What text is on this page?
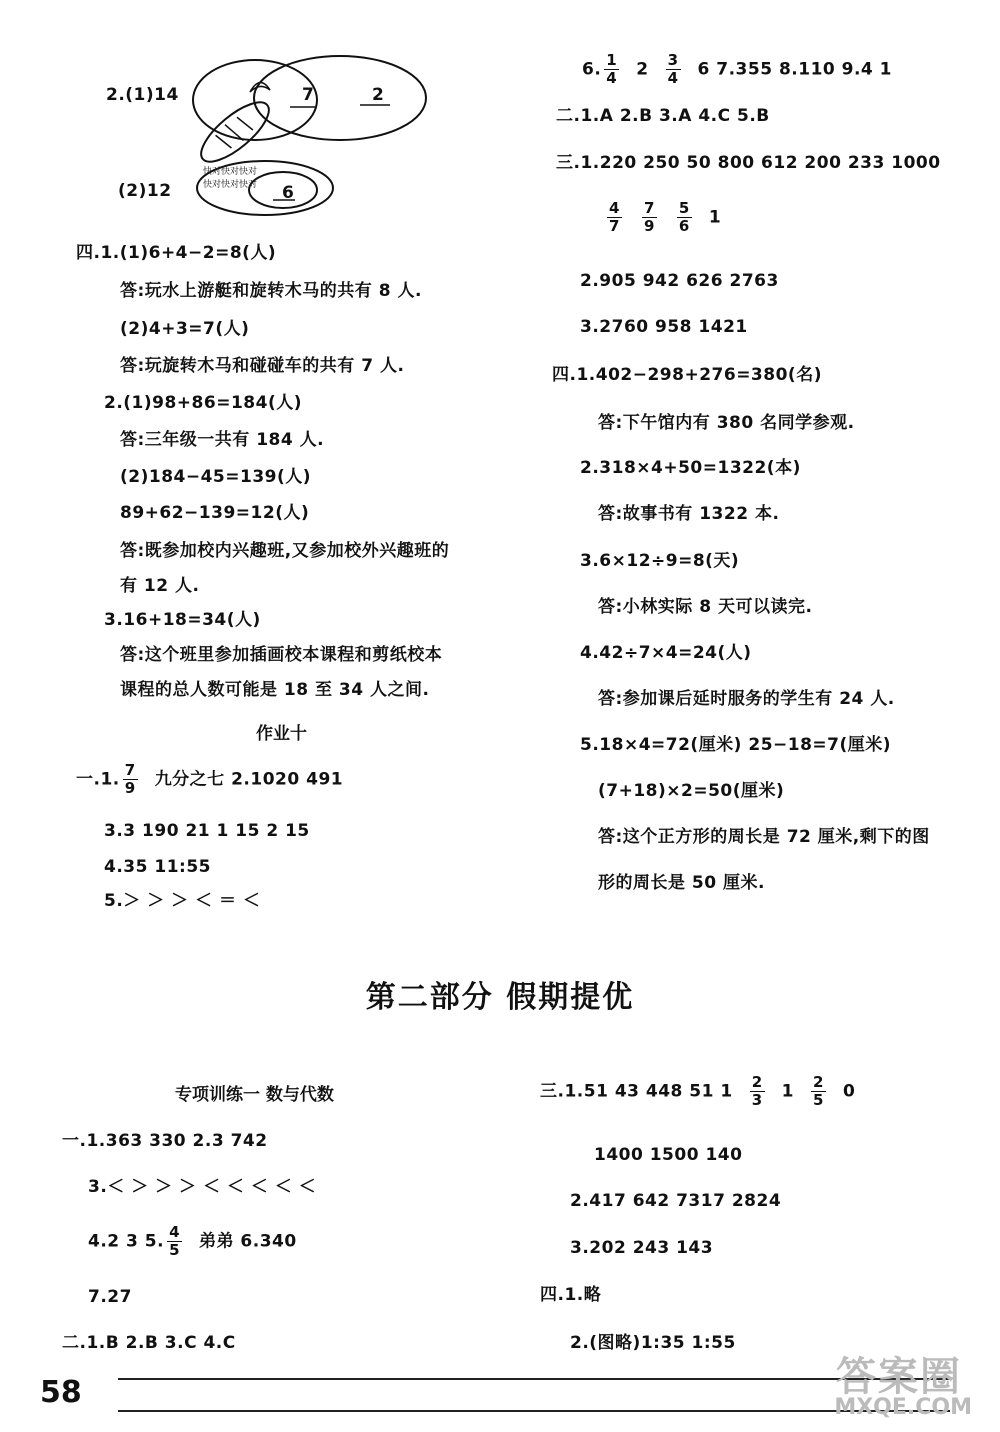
2.(1)14	7	2
(2)12
快对快对快对
快对快对快对 6
四.1.(1)6+4−2=8(人)
答:玩水上游艇和旋转木马的共有 8 人.
(2)4+3=7(人)
答:玩旋转木马和碰碰车的共有 7 人.
2.(1)98+86=184(人)
答:三年级一共有 184 人.
(2)184−45=139(人)
89+62−139=12(人)
答:既参加校内兴趣班,又参加校外兴趣班的
有 12 人.
3.16+18=34(人)
答:这个班里参加插画校本课程和剪纸校本
课程的总人数可能是 18 至 34 人之间.
作业十
一.1. $\frac{7}{9}$ 九分之七 2.1020 491
3.3 190 21 1 15 2 15
4.35 11:55
5.＞ ＞ ＞ ＜ ＝ ＜
6. $\frac{1}{4} 2 \frac{3}{4} 6$ 7.355 8.110 9.4 1
二.1.A 2.B 3.A 4.C 5.B
三.1.220 250 50 800 612 200 233 1000
$\frac{4}{7} \frac{7}{9} \frac{5}{6} 1$
2.905 942 626 2763
3.2760 958 1421
四.1.402−298+276=380(名)
答:下午馆内有 380 名同学参观.
2.318×4+50=1322(本)
答:故事书有 1322 本.
3.6×12÷9=8(天)
答:小林实际 8 天可以读完.
4.42÷7×4=24(人)
答:参加课后延时服务的学生有 24 人.
5.18×4=72(厘米) 25−18=7(厘米)
(7+18)×2=50(厘米)
答:这个正方形的周长是 72 厘米,剩下的图
形的周长是 50 厘米.
第二部分 假期提优
专项训练一 数与代数
一.1.363 330 2.3 742
3.＜ ＞ ＞ ＞ ＜ ＜ ＜ ＜ ＜
4.2 3 5. $\frac{4}{5}$ 弟弟 6.340
7.27
二.1.B 2.B 3.C 4.C
三.1.51 43 448 51 $1 \frac{2}{3} 1 \frac{2}{5} 0$
1400 1500 140
2.417 642 7317 2824
3.202 243 143
四.1.略
2.(图略)1:35 1:55
58	答案圈
MXQE.COM
